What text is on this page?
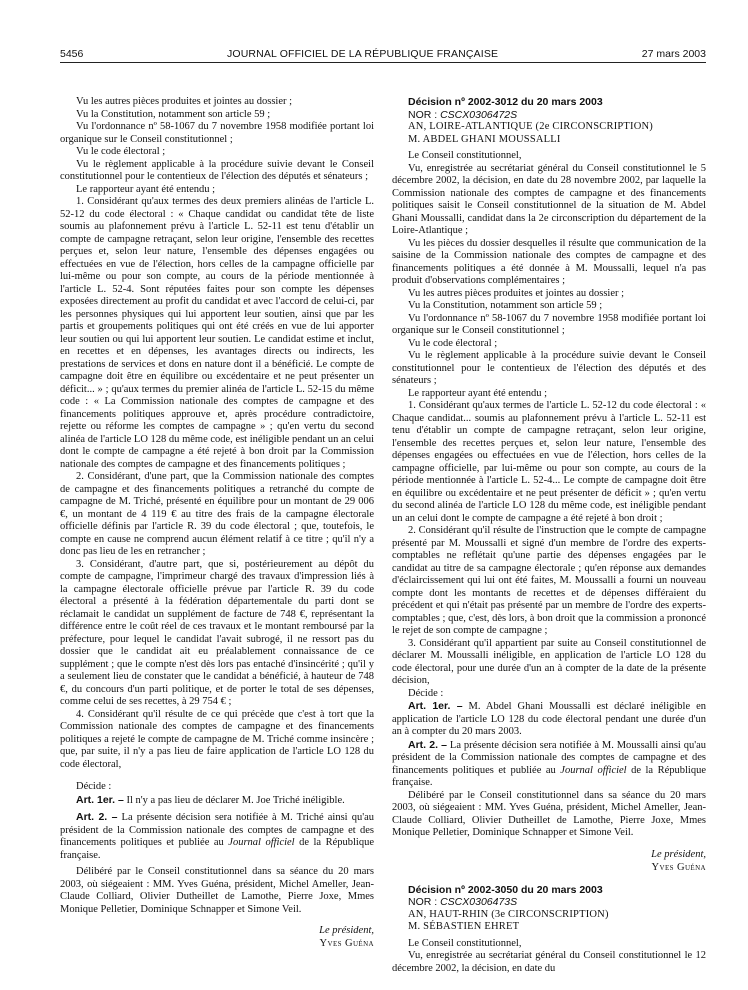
5456	JOURNAL OFFICIEL DE LA RÉPUBLIQUE FRANÇAISE	27 mars 2003

Vu les autres pièces produites et jointes au dossier ;

Vu la Constitution, notamment son article 59 ;

Vu l'ordonnance nº 58-1067 du 7 novembre 1958 modifiée portant loi organique sur le Conseil constitutionnel ;

Vu le code électoral ;

Vu le règlement applicable à la procédure suivie devant le Conseil constitutionnel pour le contentieux de l'élection des députés et sénateurs ;

Le rapporteur ayant été entendu ;

1. Considérant qu'aux termes des deux premiers alinéas de l'article L. 52-12 du code électoral : « Chaque candidat ou candidat tête de liste soumis au plafonnement prévu à l'article L. 52-11 est tenu d'établir un compte de campagne retraçant, selon leur origine, l'ensemble des recettes perçues et, selon leur nature, l'ensemble des dépenses engagées ou effectuées en vue de l'élection, hors celles de la campagne officielle par lui-même ou pour son compte, au cours de la période mentionnée à l'article L. 52-4. Sont réputées faites pour son compte les dépenses exposées directement au profit du candidat et avec l'accord de celui-ci, par les personnes physiques qui lui apportent leur soutien, ainsi que par les partis et groupements politiques qui ont été créés en vue de lui apporter leur soutien ou qui lui apportent leur soutien. Le candidat estime et inclut, en recettes et en dépenses, les avantages directs ou indirects, les prestations de services et dons en nature dont il a bénéficié. Le compte de campagne doit être en équilibre ou excédentaire et ne peut présenter un déficit... » ; qu'aux termes du premier alinéa de l'article L. 52-15 du même code : « La Commission nationale des comptes de campagne et des financements politiques approuve et, après procédure contradictoire, rejette ou réforme les comptes de campagne » ; qu'en vertu du second alinéa de l'article LO 128 du même code, est inéligible pendant un an celui dont le compte de campagne a été rejeté à bon droit par la Commission nationale des comptes de campagne et des financements politiques ;

2. Considérant, d'une part, que la Commission nationale des comptes de campagne et des financements politiques a retranché du compte de campagne de M. Triché, présenté en équilibre pour un montant de 29 006 €, un montant de 4 119 € au titre des frais de la campagne électorale officielle définis par l'article R. 39 du code électoral ; que, toutefois, le compte en cause ne comprend aucun élément relatif à ce titre ; qu'il n'y a donc pas lieu de les en retrancher ;

3. Considérant, d'autre part, que si, postérieurement au dépôt du compte de campagne, l'imprimeur chargé des travaux d'impression liés à la campagne électorale officielle prévue par l'article R. 39 du code électoral a présenté à la fédération départementale du parti dont se réclamait le candidat un supplément de facture de 748 €, représentant la différence entre le coût réel de ces travaux et le montant remboursé par la préfecture, pour lequel le candidat l'avait subrogé, il ne ressort pas du dossier que le candidat ait eu préalablement connaissance de ce supplément ; que le compte n'est dès lors pas entaché d'insincérité ; qu'il y a seulement lieu de constater que le candidat a bénéficié, à hauteur de 748 €, du concours d'un parti politique, et de porter le total de ses dépenses, comme celui de ses recettes, à 29 754 € ;

4. Considérant qu'il résulte de ce qui précède que c'est à tort que la Commission nationale des comptes de campagne et des financements politiques a rejeté le compte de campagne de M. Triché comme insincère ; que, par suite, il n'y a pas lieu de faire application de l'article LO 128 du code électoral,

Décide :

Art. 1er. – Il n'y a pas lieu de déclarer M. Joe Triché inéligible.

Art. 2. – La présente décision sera notifiée à M. Triché ainsi qu'au président de la Commission nationale des comptes de campagne et des financements politiques et publiée au Journal officiel de la République française.

Délibéré par le Conseil constitutionnel dans sa séance du 20 mars 2003, où siégeaient : MM. Yves Guéna, président, Michel Ameller, Jean-Claude Colliard, Olivier Dutheillet de Lamothe, Pierre Joxe, Mmes Monique Pelletier, Dominique Schnapper et Simone Veil.

Le président,
Yves Guéna

Décision nº 2002-3012 du 20 mars 2003

NOR : CSCX0306472S

AN, LOIRE-ATLANTIQUE (2e CIRCONSCRIPTION)

M. ABDEL GHANI MOUSSALLI

Le Conseil constitutionnel,

Vu, enregistrée au secrétariat général du Conseil constitutionnel le 5 décembre 2002, la décision, en date du 28 novembre 2002, par laquelle la Commission nationale des comptes de campagne et des financements politiques saisit le Conseil constitutionnel de la situation de M. Abdel Ghani Moussalli, candidat dans la 2e circonscription du département de la Loire-Atlantique ;

Vu les pièces du dossier desquelles il résulte que communication de la saisine de la Commission nationale des comptes de campagne et des financements politiques a été donnée à M. Moussalli, lequel n'a pas produit d'observations complémentaires ;

Vu les autres pièces produites et jointes au dossier ;

Vu la Constitution, notamment son article 59 ;

Vu l'ordonnance nº 58-1067 du 7 novembre 1958 modifiée portant loi organique sur le Conseil constitutionnel ;

Vu le code électoral ;

Vu le règlement applicable à la procédure suivie devant le Conseil constitutionnel pour le contentieux de l'élection des députés et des sénateurs ;

Le rapporteur ayant été entendu ;

1. Considérant qu'aux termes de l'article L. 52-12 du code électoral : « Chaque candidat... soumis au plafonnement prévu à l'article L. 52-11 est tenu d'établir un compte de campagne retraçant, selon leur origine, l'ensemble des recettes perçues et, selon leur nature, l'ensemble des dépenses engagées ou effectuées en vue de l'élection, hors celles de la campagne officielle, par lui-même ou pour son compte, au cours de la période mentionnée à l'article L. 52-4... Le compte de campagne doit être en équilibre ou excédentaire et ne peut présenter de déficit » ; qu'en vertu du second alinéa de l'article LO 128 du même code, est inéligible pendant un an celui dont le compte de campagne a été rejeté à bon droit ;

2. Considérant qu'il résulte de l'instruction que le compte de campagne présenté par M. Moussalli et signé d'un membre de l'ordre des experts-comptables ne reflétait qu'une partie des dépenses engagées par le candidat au titre de sa campagne électorale ; qu'en réponse aux demandes d'éclaircissement qui lui ont été faites, M. Moussalli a fourni un nouveau compte dont les montants de recettes et de dépenses différaient du précédent et qui n'était pas présenté par un membre de l'ordre des experts-comptables ; que, c'est, dès lors, à bon droit que la commission a prononcé le rejet de son compte de campagne ;

3. Considérant qu'il appartient par suite au Conseil constitutionnel de déclarer M. Moussalli inéligible, en application de l'article LO 128 du code électoral, pour une durée d'un an à compter de la date de la présente décision,

Décide :

Art. 1er. – M. Abdel Ghani Moussalli est déclaré inéligible en application de l'article LO 128 du code électoral pendant une durée d'un an à compter du 20 mars 2003.

Art. 2. – La présente décision sera notifiée à M. Moussalli ainsi qu'au président de la Commission nationale des comptes de campagne et des financements politiques et publiée au Journal officiel de la République française.

Délibéré par le Conseil constitutionnel dans sa séance du 20 mars 2003, où siégeaient : MM. Yves Guéna, président, Michel Ameller, Jean-Claude Colliard, Olivier Dutheillet de Lamothe, Pierre Joxe, Mmes Monique Pelletier, Dominique Schnapper et Simone Veil.

Le président,
Yves Guéna

Décision nº 2002-3050 du 20 mars 2003

NOR : CSCX0306473S

AN, HAUT-RHIN (3e CIRCONSCRIPTION)

M. SÉBASTIEN EHRET

Le Conseil constitutionnel,

Vu, enregistrée au secrétariat général du Conseil constitutionnel le 12 décembre 2002, la décision, en date du
